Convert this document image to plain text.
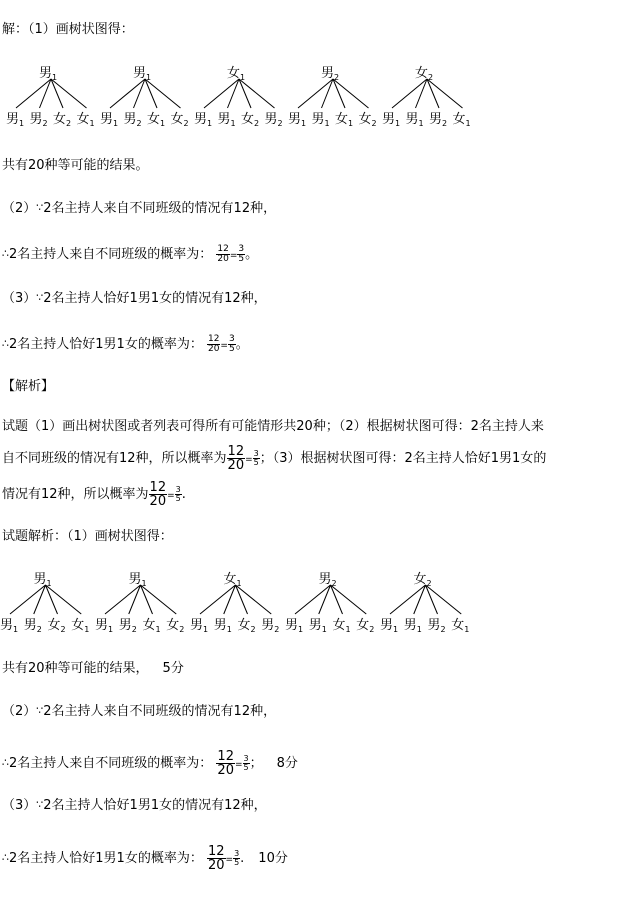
解：（1）画树状图得：
男$_1$
男$_1$ 男$_2$ 女$_2$ 女$_1$
男$_1$
男$_1$ 男$_2$ 女$_1$ 女$_2$
女$_1$
男$_1$ 男$_1$ 女$_2$ 男$_2$
男$_2$
男$_1$ 男$_1$ 女$_1$ 女$_2$
女$_2$
男$_1$ 男$_1$ 男$_2$ 女$_1$
共有20种等可能的结果。
（2）∵2名主持人来自不同班级的情况有12种，
∴2名主持人来自不同班级的概率为： $\frac{12}{20} = \frac{3}{5}$ 。
（3）∵2名主持人恰好1男1女的情况有12种，
∴2名主持人恰好1男1女的概率为： $\frac{12}{20} = \frac{3}{5}$ 。
【解析】
试题（1）画出树状图或者列表可得所有可能情形共20种；（2）根据树状图可得：2名主持人来
自不同班级的情况有12种，所以概率为 $\frac{12}{20} = \frac{3}{5}$ ；（3）根据树状图可得：2名主持人恰好1男1女的
情况有12种，所以概率为 $\frac{12}{20} = \frac{3}{5}$ .
试题解析：（1）画树状图得：
男$_1$
男$_1$ 男$_2$ 女$_2$ 女$_1$
男$_1$
男$_1$ 男$_2$ 女$_1$ 女$_2$
女$_1$
男$_1$ 男$_1$ 女$_2$ 男$_2$
男$_2$
男$_1$ 男$_1$ 女$_1$ 女$_2$
女$_2$
男$_1$ 男$_1$ 男$_2$ 女$_1$
共有20种等可能的结果， 5分
（2）∵2名主持人来自不同班级的情况有12种，
∴2名主持人来自不同班级的概率为： $\frac{12}{20} = \frac{3}{5}$ ； 8分
（3）∵2名主持人恰好1男1女的情况有12种，
∴2名主持人恰好1男1女的概率为： $\frac{12}{20} = \frac{3}{5}$ . 10分
